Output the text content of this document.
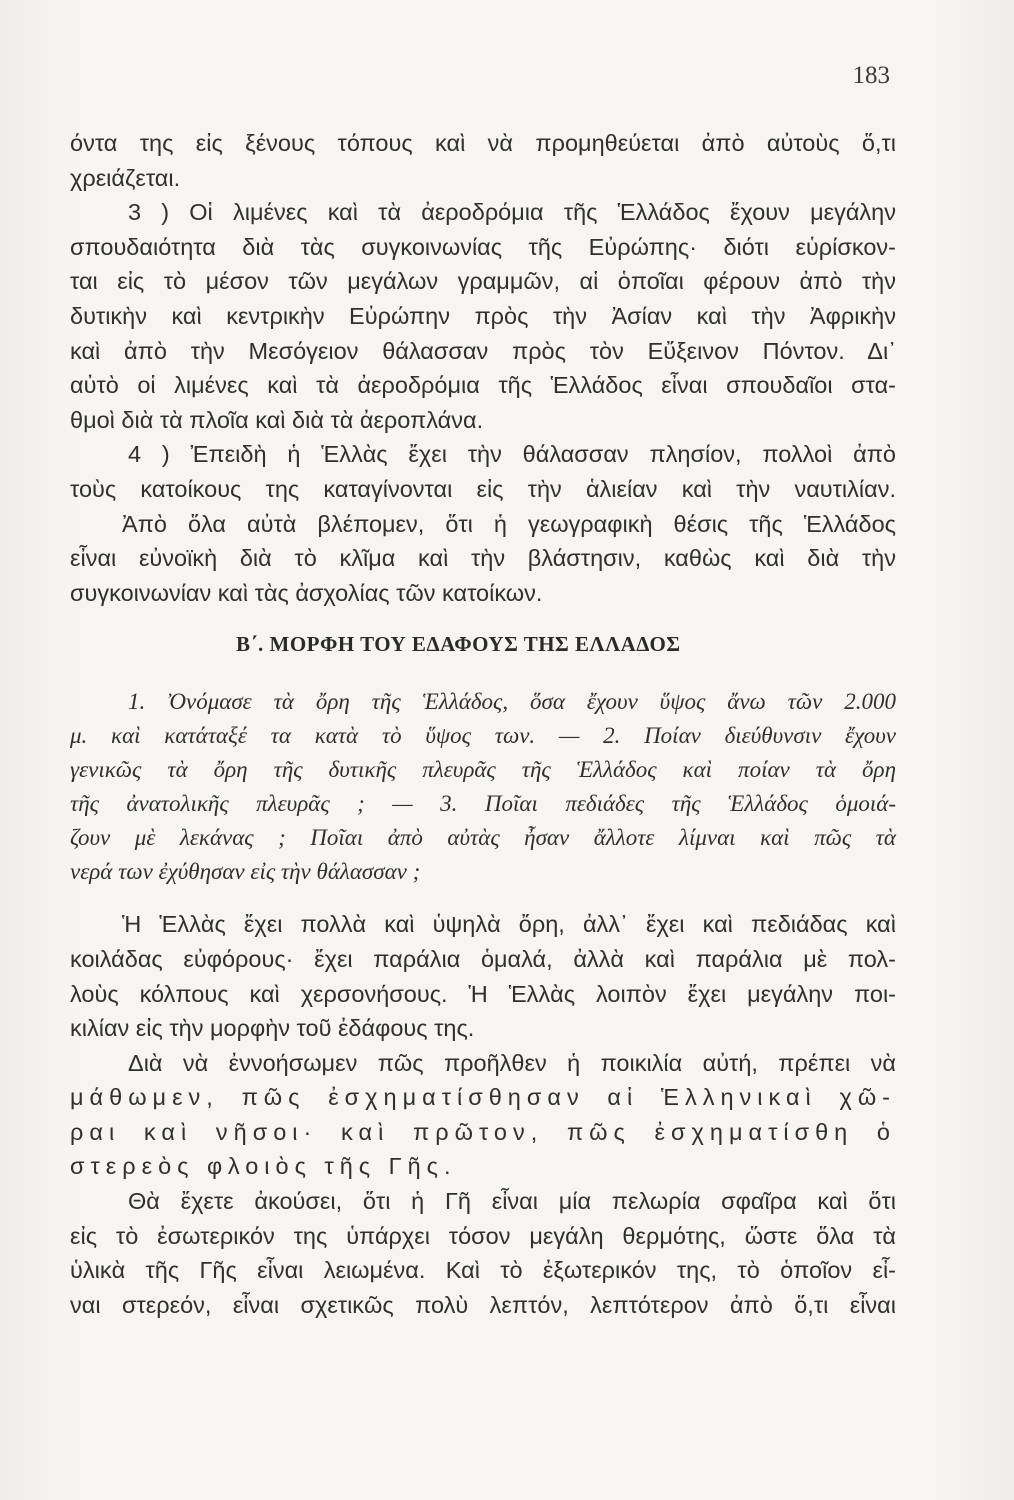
183
όντα της εἰς ξένους τόπους καὶ νὰ προμηθεύεται ἀπὸ αὐτοὺς ὅ,τι
χρειάζεται.
3 ) Οἱ λιμένες καὶ τὰ ἀεροδρόμια τῆς Ἑλλάδος ἔχουν μεγάλην
σπουδαιότητα διὰ τὰς συγκοινωνίας τῆς Εὐρώπης· διότι εὑρίσκον-
ται εἰς τὸ μέσον τῶν μεγάλων γραμμῶν, αἱ ὁποῖαι φέρουν ἀπὸ τὴν
δυτικὴν καὶ κεντρικὴν Εὐρώπην πρὸς τὴν Ἀσίαν καὶ τὴν Ἀφρικὴν
καὶ ἀπὸ τὴν Μεσόγειον θάλασσαν πρὸς τὸν Εὔξεινον Πόντον. Δι᾽
αὐτὸ οἱ λιμένες καὶ τὰ ἀεροδρόμια τῆς Ἑλλάδος εἶναι σπουδαῖοι στα-
θμοὶ διὰ τὰ πλοῖα καὶ διὰ τὰ ἀεροπλάνα.
4 ) Ἐπειδὴ ἡ Ἑλλὰς ἔχει τὴν θάλασσαν πλησίον, πολλοὶ ἀπὸ
τοὺς κατοίκους της καταγίνονται εἰς τὴν ἁλιείαν καὶ τὴν ναυτιλίαν.
Ἀπὸ ὅλα αὐτὰ βλέπομεν, ὅτι ἡ γεωγραφικὴ θέσις τῆς Ἑλλάδος
εἶναι εὐνοϊκὴ διὰ τὸ κλῖμα καὶ τὴν βλάστησιν, καθὼς καὶ διὰ τὴν
συγκοινωνίαν καὶ τὰς ἀσχολίας τῶν κατοίκων.
Β΄. ΜΟΡΦΗ ΤΟΥ ΕΔΑΦΟΥΣ ΤΗΣ ΕΛΛΑΔΟΣ
1. Ὀνόμασε τὰ ὄρη τῆς Ἑλλάδος, ὅσα ἔχουν ὕψος ἄνω τῶν 2.000
μ. καὶ κατάταξέ τα κατὰ τὸ ὕψος των. — 2. Ποίαν διεύθυνσιν ἔχουν
γενικῶς τὰ ὄρη τῆς δυτικῆς πλευρᾶς τῆς Ἑλλάδος καὶ ποίαν τὰ ὄρη
τῆς ἀνατολικῆς πλευρᾶς ; — 3. Ποῖαι πεδιάδες τῆς Ἑλλάδος ὁμοιά-
ζουν μὲ λεκάνας ; Ποῖαι ἀπὸ αὐτὰς ἦσαν ἄλλοτε λίμναι καὶ πῶς τὰ
νερά των ἐχύθησαν εἰς τὴν θάλασσαν ;
Ἡ Ἑλλὰς ἔχει πολλὰ καὶ ὑψηλὰ ὄρη, ἀλλ᾽ ἔχει καὶ πεδιάδας καὶ
κοιλάδας εὐφόρους· ἔχει παράλια ὁμαλά, ἀλλὰ καὶ παράλια μὲ πολ-
λοὺς κόλπους καὶ χερσονήσους. Ἡ Ἑλλὰς λοιπὸν ἔχει μεγάλην ποι-
κιλίαν εἰς τὴν μορφὴν τοῦ ἐδάφους της.
Διὰ νὰ ἐννοήσωμεν πῶς προῆλθεν ἡ ποικιλία αὐτή, πρέπει νὰ
μάθωμεν, πῶς ἐσχηματίσθησαν αἱ Ἑλληνικαὶ χῶ-
ραι καὶ νῆσοι· καὶ πρῶτον, πῶς ἐσχηματίσθη ὁ
στερεὸς φλοιὸς τῆς Γῆς.
Θὰ ἔχετε ἀκούσει, ὅτι ἡ Γῆ εἶναι μία πελωρία σφαῖρα καὶ ὅτι
εἰς τὸ ἐσωτερικόν της ὑπάρχει τόσον μεγάλη θερμότης, ὥστε ὅλα τὰ
ὑλικὰ τῆς Γῆς εἶναι λειωμένα. Καὶ τὸ ἐξωτερικόν της, τὸ ὁποῖον εἶ-
ναι στερεόν, εἶναι σχετικῶς πολὺ λεπτόν, λεπτότερον ἀπὸ ὅ,τι εἶναι
